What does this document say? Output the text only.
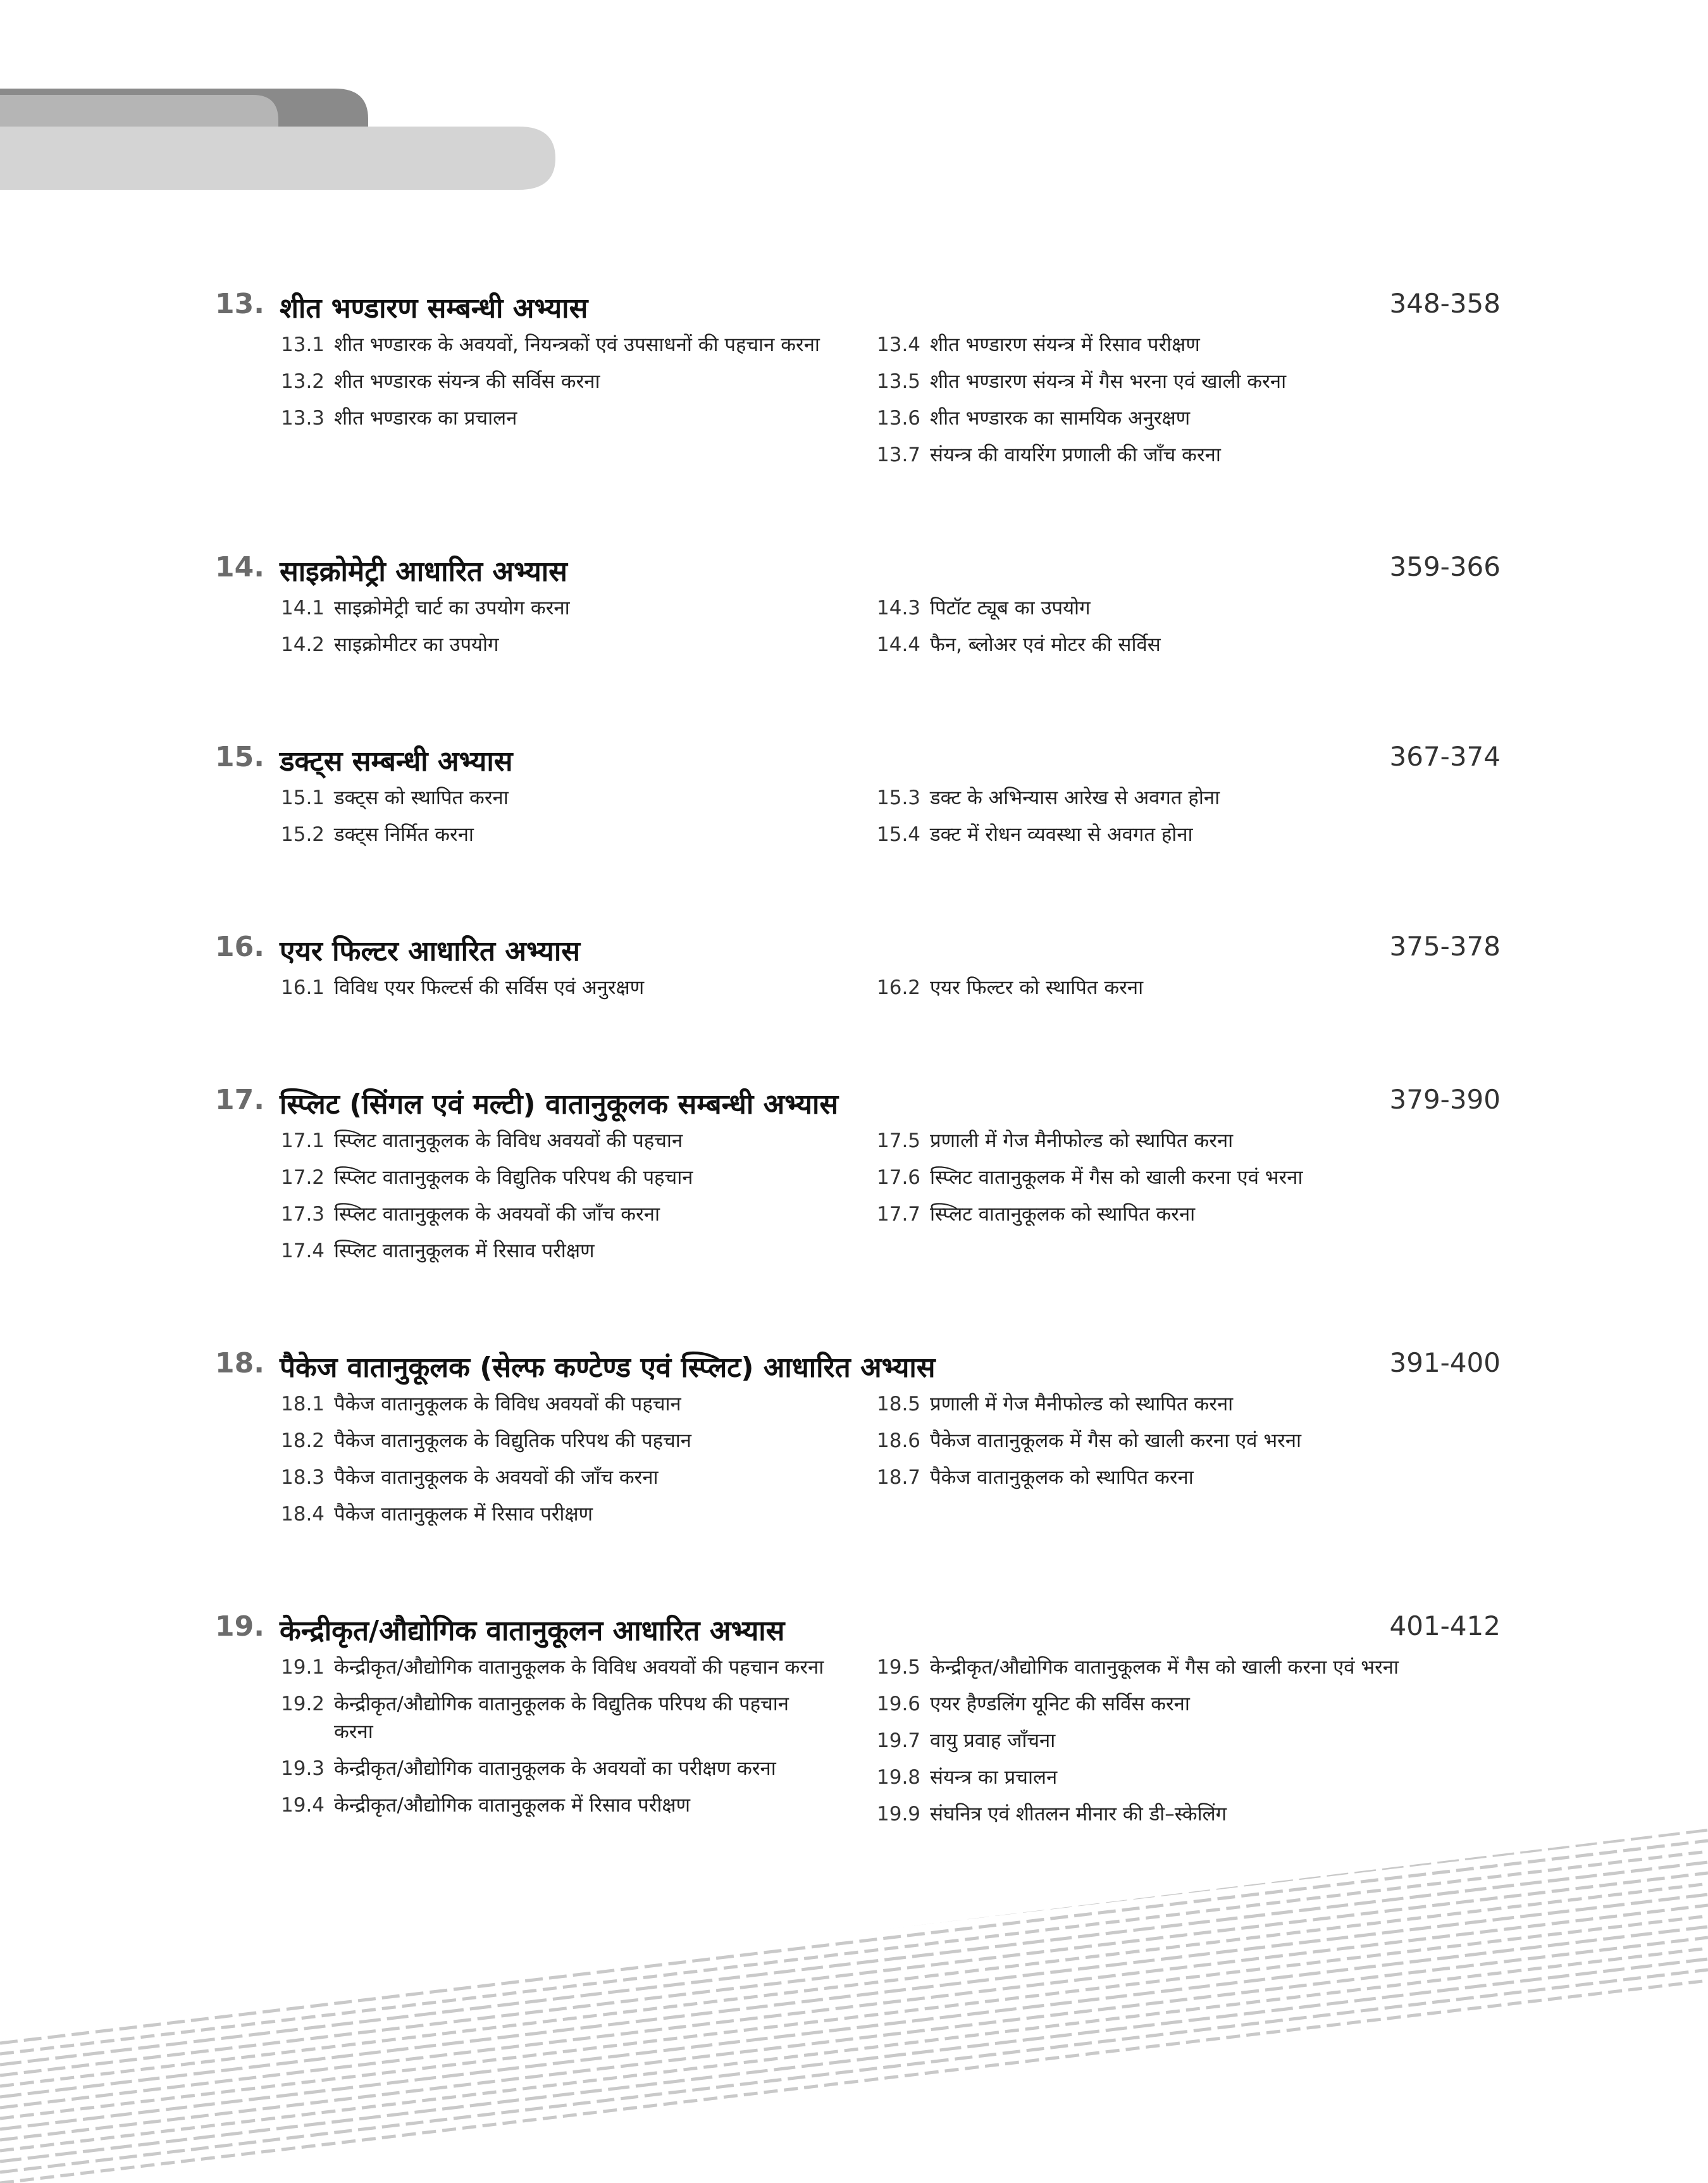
13. शीत भण्डारण सम्बन्धी अभ्यास	348-358
13.1 शीत भण्डारक के अवयवों, नियन्त्रकों एवं उपसाधनों की पहचान करना
13.2 शीत भण्डारक संयन्त्र की सर्विस करना
13.3 शीत भण्डारक का प्रचालन
13.4 शीत भण्डारण संयन्त्र में रिसाव परीक्षण
13.5 शीत भण्डारण संयन्त्र में गैस भरना एवं खाली करना
13.6 शीत भण्डारक का सामयिक अनुरक्षण
13.7 संयन्त्र की वायरिंग प्रणाली की जाँच करना
14. साइक्रोमेट्री आधारित अभ्यास	359-366
14.1 साइक्रोमेट्री चार्ट का उपयोग करना
14.2 साइक्रोमीटर का उपयोग
14.3 पिटॉट ट्यूब का उपयोग
14.4 फैन, ब्लोअर एवं मोटर की सर्विस
15. डक्ट्स सम्बन्धी अभ्यास	367-374
15.1 डक्ट्स को स्थापित करना
15.2 डक्ट्स निर्मित करना
15.3 डक्ट के अभिन्यास आरेख से अवगत होना
15.4 डक्ट में रोधन व्यवस्था से अवगत होना
16. एयर फिल्टर आधारित अभ्यास	375-378
16.1 विविध एयर फिल्टर्स की सर्विस एवं अनुरक्षण	16.2 एयर फिल्टर को स्थापित करना
17. स्प्लिट (सिंगल एवं मल्टी) वातानुकूलक सम्बन्धी अभ्यास	379-390
17.1 स्प्लिट वातानुकूलक के विविध अवयवों की पहचान
17.2 स्प्लिट वातानुकूलक के विद्युतिक परिपथ की पहचान
17.3 स्प्लिट वातानुकूलक के अवयवों की जाँच करना
17.4 स्प्लिट वातानुकूलक में रिसाव परीक्षण
17.5 प्रणाली में गेज मैनीफोल्ड को स्थापित करना
17.6 स्प्लिट वातानुकूलक में गैस को खाली करना एवं भरना
17.7 स्प्लिट वातानुकूलक को स्थापित करना
18. पैकेज वातानुकूलक (सेल्फ कण्टेण्ड एवं स्प्लिट) आधारित अभ्यास	391-400
18.1 पैकेज वातानुकूलक के विविध अवयवों की पहचान
18.2 पैकेज वातानुकूलक के विद्युतिक परिपथ की पहचान
18.3 पैकेज वातानुकूलक के अवयवों की जाँच करना
18.4 पैकेज वातानुकूलक में रिसाव परीक्षण
18.5 प्रणाली में गेज मैनीफोल्ड को स्थापित करना
18.6 पैकेज वातानुकूलक में गैस को खाली करना एवं भरना
18.7 पैकेज वातानुकूलक को स्थापित करना
19. केन्द्रीकृत/औद्योगिक वातानुकूलन आधारित अभ्यास	401-412
19.1 केन्द्रीकृत/औद्योगिक वातानुकूलक के विविध अवयवों की पहचान करना
19.2 केन्द्रीकृत/औद्योगिक वातानुकूलक के विद्युतिक परिपथ की पहचान करना
19.3 केन्द्रीकृत/औद्योगिक वातानुकूलक के अवयवों का परीक्षण करना
19.4 केन्द्रीकृत/औद्योगिक वातानुकूलक में रिसाव परीक्षण
19.5 केन्द्रीकृत/औद्योगिक वातानुकूलक में गैस को खाली करना एवं भरना
19.6 एयर हैण्डलिंग यूनिट की सर्विस करना
19.7 वायु प्रवाह जाँचना
19.8 संयन्त्र का प्रचालन
19.9 संघनित्र एवं शीतलन मीनार की डी–स्केलिंग
